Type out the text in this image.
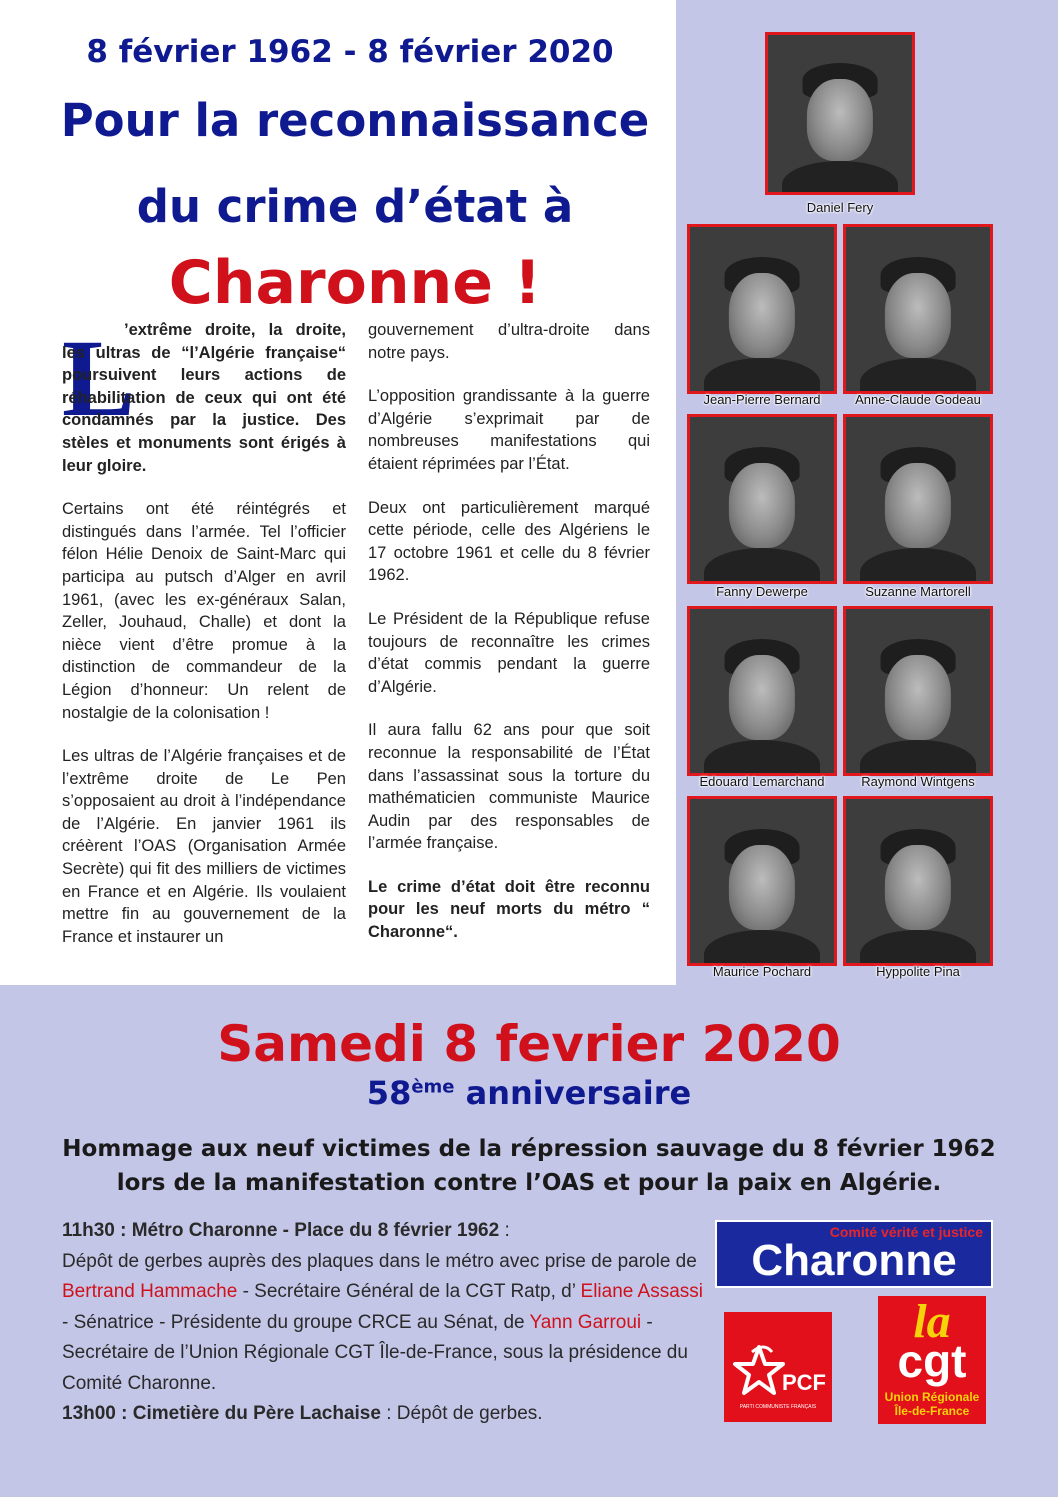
8 février 1962 - 8 février 2020
Pour la reconnaissance
du crime d’état à
Charonne !
L

’extrême droite, la droite, les ultras de “l’Algérie française“ poursuivent leurs actions de réhabilitation de ceux qui ont été condamnés par la justice. Des stèles et monuments sont érigés à leur gloire.

Certains ont été réintégrés et distingués dans l’armée. Tel l’officier félon Hélie Denoix de Saint-Marc qui participa au putsch d’Alger en avril 1961, (avec les ex-généraux Salan, Zeller, Jouhaud, Challe) et dont la nièce vient d’être promue à la distinction de commandeur de la Légion d’honneur: Un relent de nostalgie de la colonisation !

Les ultras de l’Algérie françaises et de l’extrême droite de Le Pen s’opposaient au droit à l’indépendance de l’Algérie. En janvier 1961 ils créèrent l’OAS (Organisation Armée Secrète) qui fit des milliers de victimes en France et en Algérie. Ils voulaient mettre fin au gouvernement de la France et instaurer un

gouvernement d’ultra-droite dans notre pays.

L’opposition grandissante à la guerre d’Algérie s’exprimait par de nombreuses manifestations qui étaient réprimées par l’État.

Deux ont particulièrement marqué cette période, celle des Algériens le 17 octobre 1961 et celle du 8 février 1962.

Le Président de la République refuse toujours de reconnaître les crimes d’état commis pendant la guerre d’Algérie.

Il aura fallu 62 ans pour que soit reconnue la responsabilité de l’État dans l’assassinat sous la torture du mathématicien communiste Maurice Audin par des responsables de l’armée française.

Le crime d’état doit être reconnu pour les neuf morts du métro “ Charonne“.

Daniel Fery
Jean-Pierre Bernard	Anne-Claude Godeau
Fanny Dewerpe	Suzanne Martorell
Edouard Lemarchand	Raymond Wintgens
Maurice Pochard	Hyppolite Pina
Samedi 8 fevrier 2020
58ème anniversaire
Hommage aux neuf victimes de la répression sauvage du 8 février 1962
lors de la manifestation contre l’OAS et pour la paix en Algérie.
11h30 : Métro Charonne - Place du 8 février 1962 :
Dépôt de gerbes auprès des plaques dans le métro avec prise de parole de Bertrand Hammache - Secrétaire Général de la CGT Ratp, d’ Eliane Assassi - Sénatrice - Présidente du groupe CRCE au Sénat, de Yann Garroui - Secrétaire de l’Union Régionale CGT Île-de-France, sous la présidence du Comité Charonne.
13h00 : Cimetière du Père Lachaise : Dépôt de gerbes.
Comité vérité et justice
Charonne
PCF
PARTI COMMUNISTE FRANÇAIS
la
cgt
Union Régionale
Île-de-France
